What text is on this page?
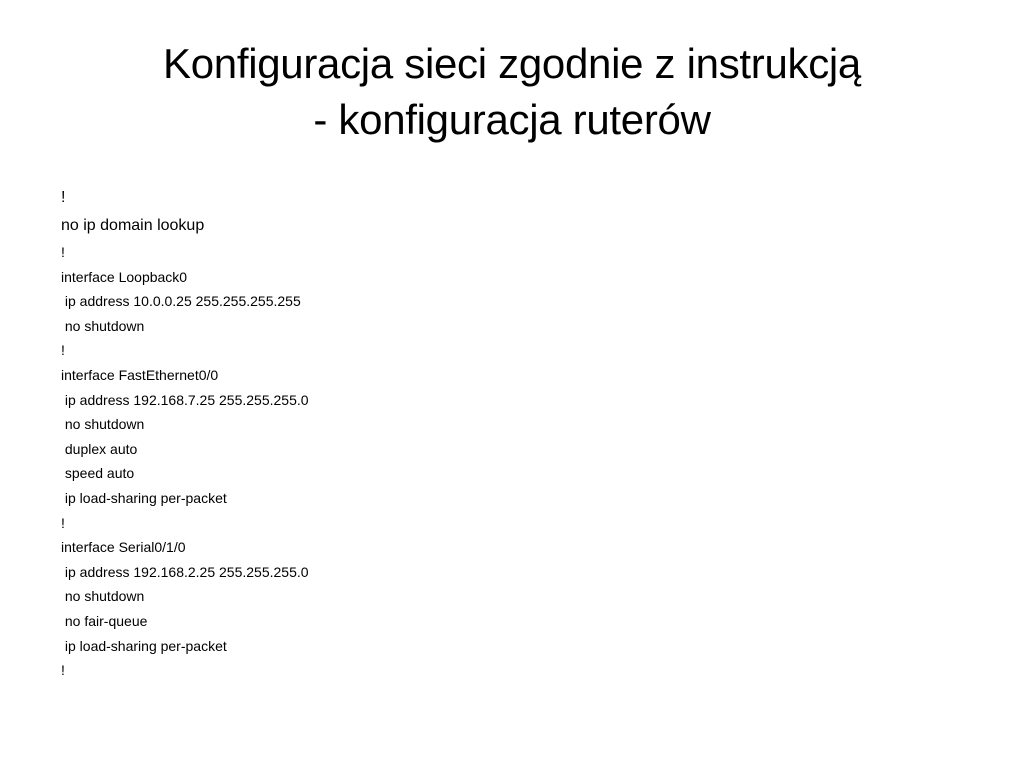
Konfiguracja sieci zgodnie z instrukcją
- konfiguracja ruterów
!
no ip domain lookup
!
interface Loopback0
ip address 10.0.0.25 255.255.255.255
no shutdown
!
interface FastEthernet0/0
ip address 192.168.7.25 255.255.255.0
no shutdown
duplex auto
speed auto
ip load-sharing per-packet
!
interface Serial0/1/0
ip address 192.168.2.25 255.255.255.0
no shutdown
no fair-queue
ip load-sharing per-packet
!
